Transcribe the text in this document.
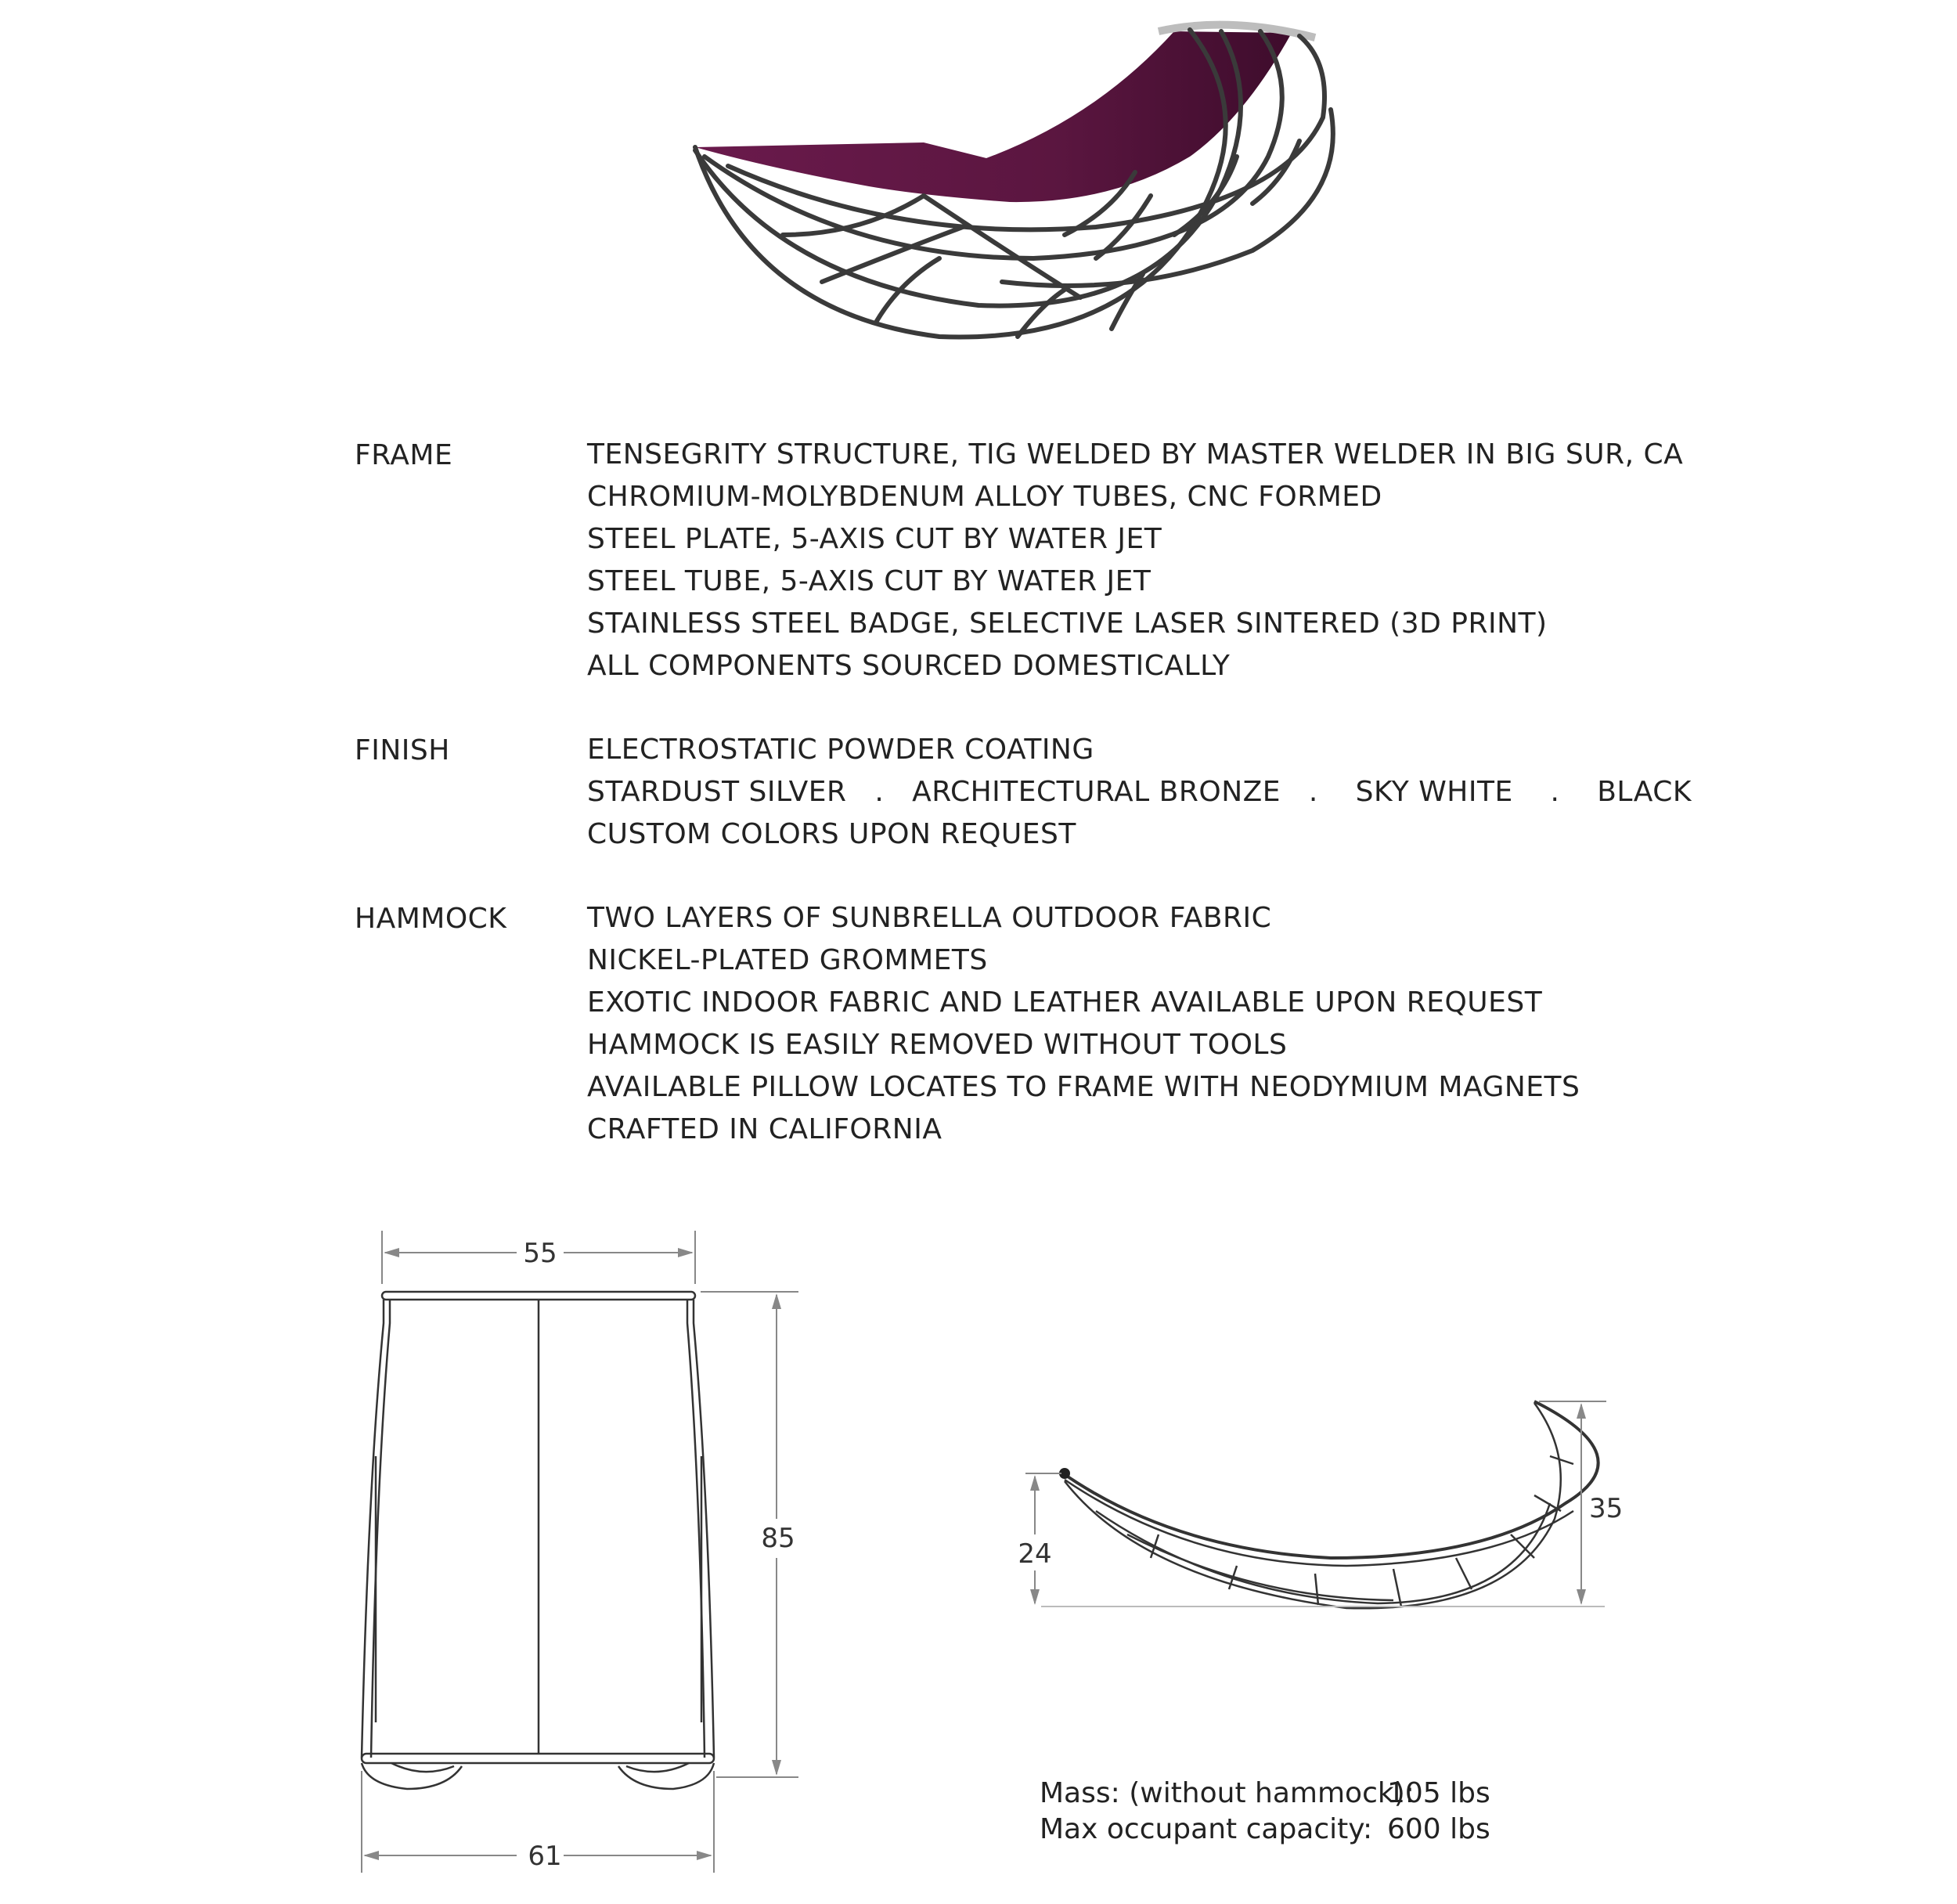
FRAME	TENSEGRITY STRUCTURE, TIG WELDED BY MASTER WELDER IN BIG SUR, CA
CHROMIUM-MOLYBDENUM ALLOY TUBES, CNC FORMED
STEEL PLATE, 5-AXIS CUT BY WATER JET
STEEL TUBE, 5-AXIS CUT BY WATER JET
STAINLESS STEEL BADGE, SELECTIVE LASER SINTERED (3D PRINT)
ALL COMPONENTS SOURCED DOMESTICALLY
FINISH	ELECTROSTATIC POWDER COATING
STARDUST SILVER   .   ARCHITECTURAL BRONZE   .    SKY WHITE    .    BLACK
CUSTOM COLORS UPON REQUEST
HAMMOCK	TWO LAYERS OF SUNBRELLA OUTDOOR FABRIC
NICKEL-PLATED GROMMETS
EXOTIC INDOOR FABRIC AND LEATHER AVAILABLE UPON REQUEST
HAMMOCK IS EASILY REMOVED WITHOUT TOOLS
AVAILABLE PILLOW LOCATES TO FRAME WITH NEODYMIUM MAGNETS
CRAFTED IN CALIFORNIA
55
85
61
24
35
Mass: (without hammock):
105 lbs
Max occupant capacity: 600 lbs
